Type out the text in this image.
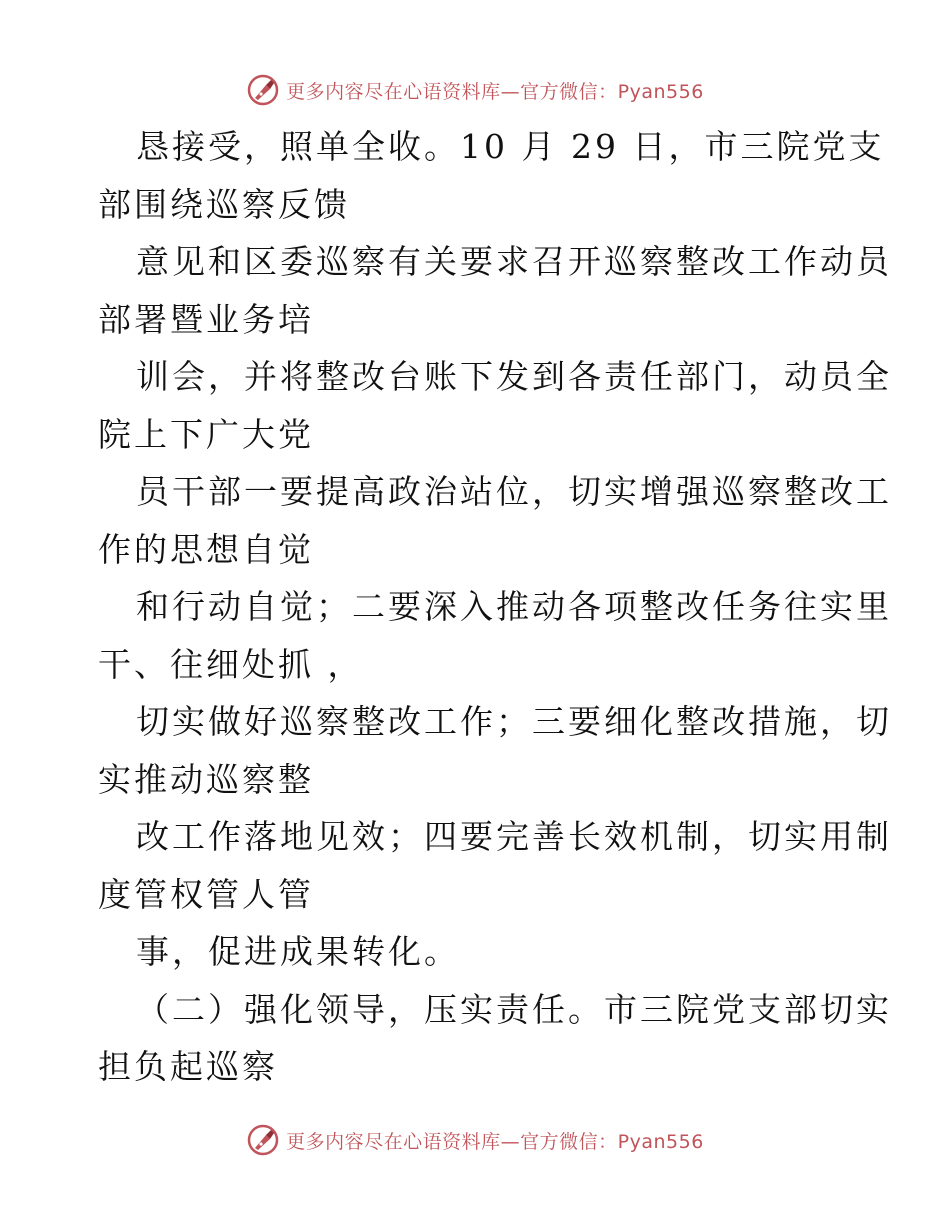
更多内容尽在心语资料库—官方微信：Pyan556
恳接受，照单全收。10 月 29 日，市三院党支
部围绕巡察反馈
意见和区委巡察有关要求召开巡察整改工作动员
部署暨业务培
训会，并将整改台账下发到各责任部门，动员全
院上下广大党
员干部一要提高政治站位，切实增强巡察整改工
作的思想自觉
和行动自觉；二要深入推动各项整改任务往实里
干、往细处抓 ，
切实做好巡察整改工作；三要细化整改措施，切
实推动巡察整
改工作落地见效；四要完善长效机制，切实用制
度管权管人管
事，促进成果转化。
（二）强化领导，压实责任。市三院党支部切实
担负起巡察
更多内容尽在心语资料库—官方微信：Pyan556
